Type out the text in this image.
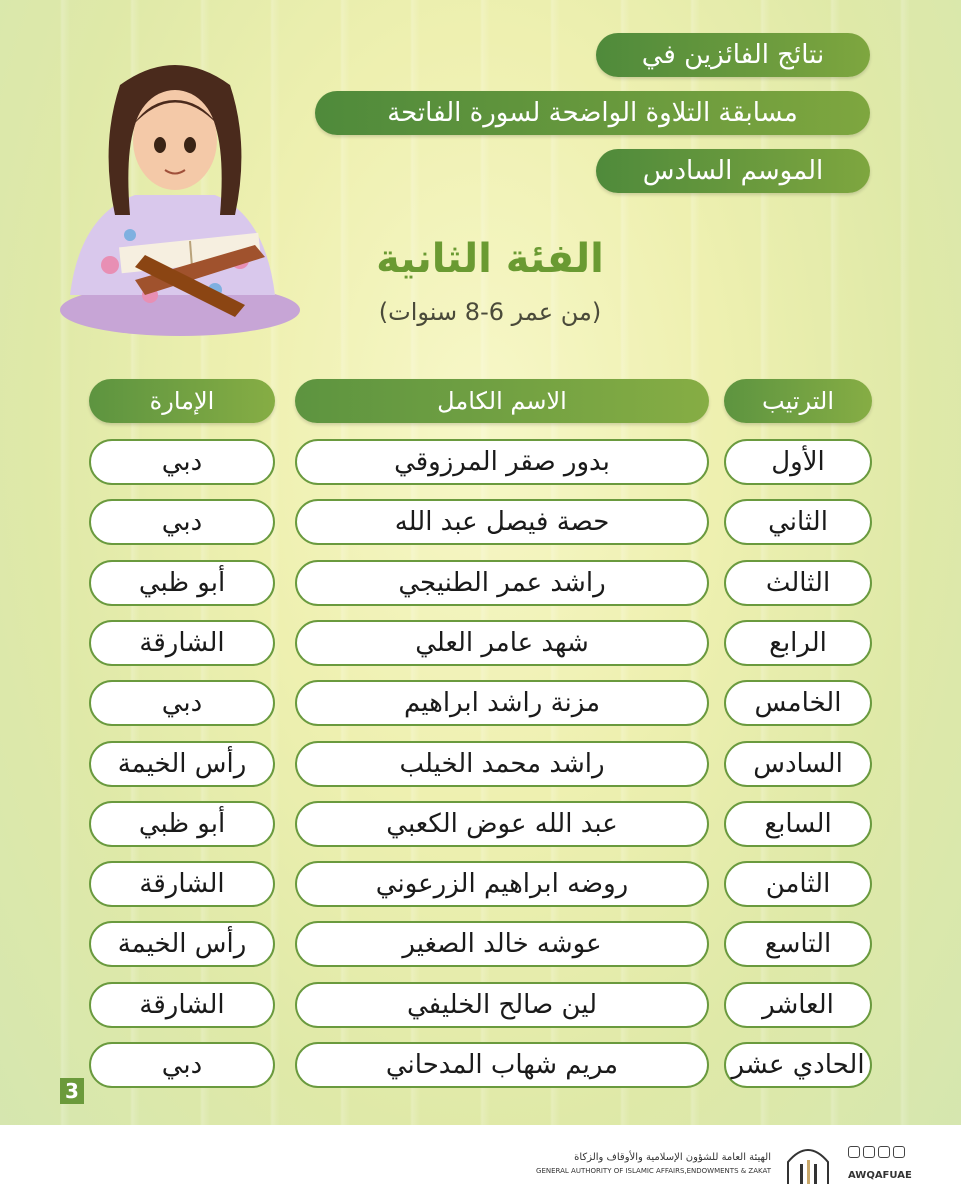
نتائج الفائزين في
مسابقة التلاوة الواضحة لسورة الفاتحة
الموسم السادس
الفئة الثانية
(من عمر 6-8 سنوات)
الترتيب
الاسم الكامل
الإمارة
الأول
بدور صقر المرزوقي
دبي
الثاني
حصة فيصل عبد الله
دبي
الثالث
راشد عمر الطنيجي
أبو ظبي
الرابع
شهد عامر العلي
الشارقة
الخامس
مزنة راشد ابراهيم
دبي
السادس
راشد محمد الخيلب
رأس الخيمة
السابع
عبد الله عوض الكعبي
أبو ظبي
الثامن
روضه ابراهيم الزرعوني
الشارقة
التاسع
عوشه خالد الصغير
رأس الخيمة
العاشر
لين صالح الخليفي
الشارقة
الحادي عشر
مريم شهاب المدحاني
دبي
3
الهيئة العامة للشؤون الإسلامية والأوقاف والزكاة
GENERAL AUTHORITY OF ISLAMIC AFFAIRS,ENDOWMENTS & ZAKAT	AWQAFUAE
